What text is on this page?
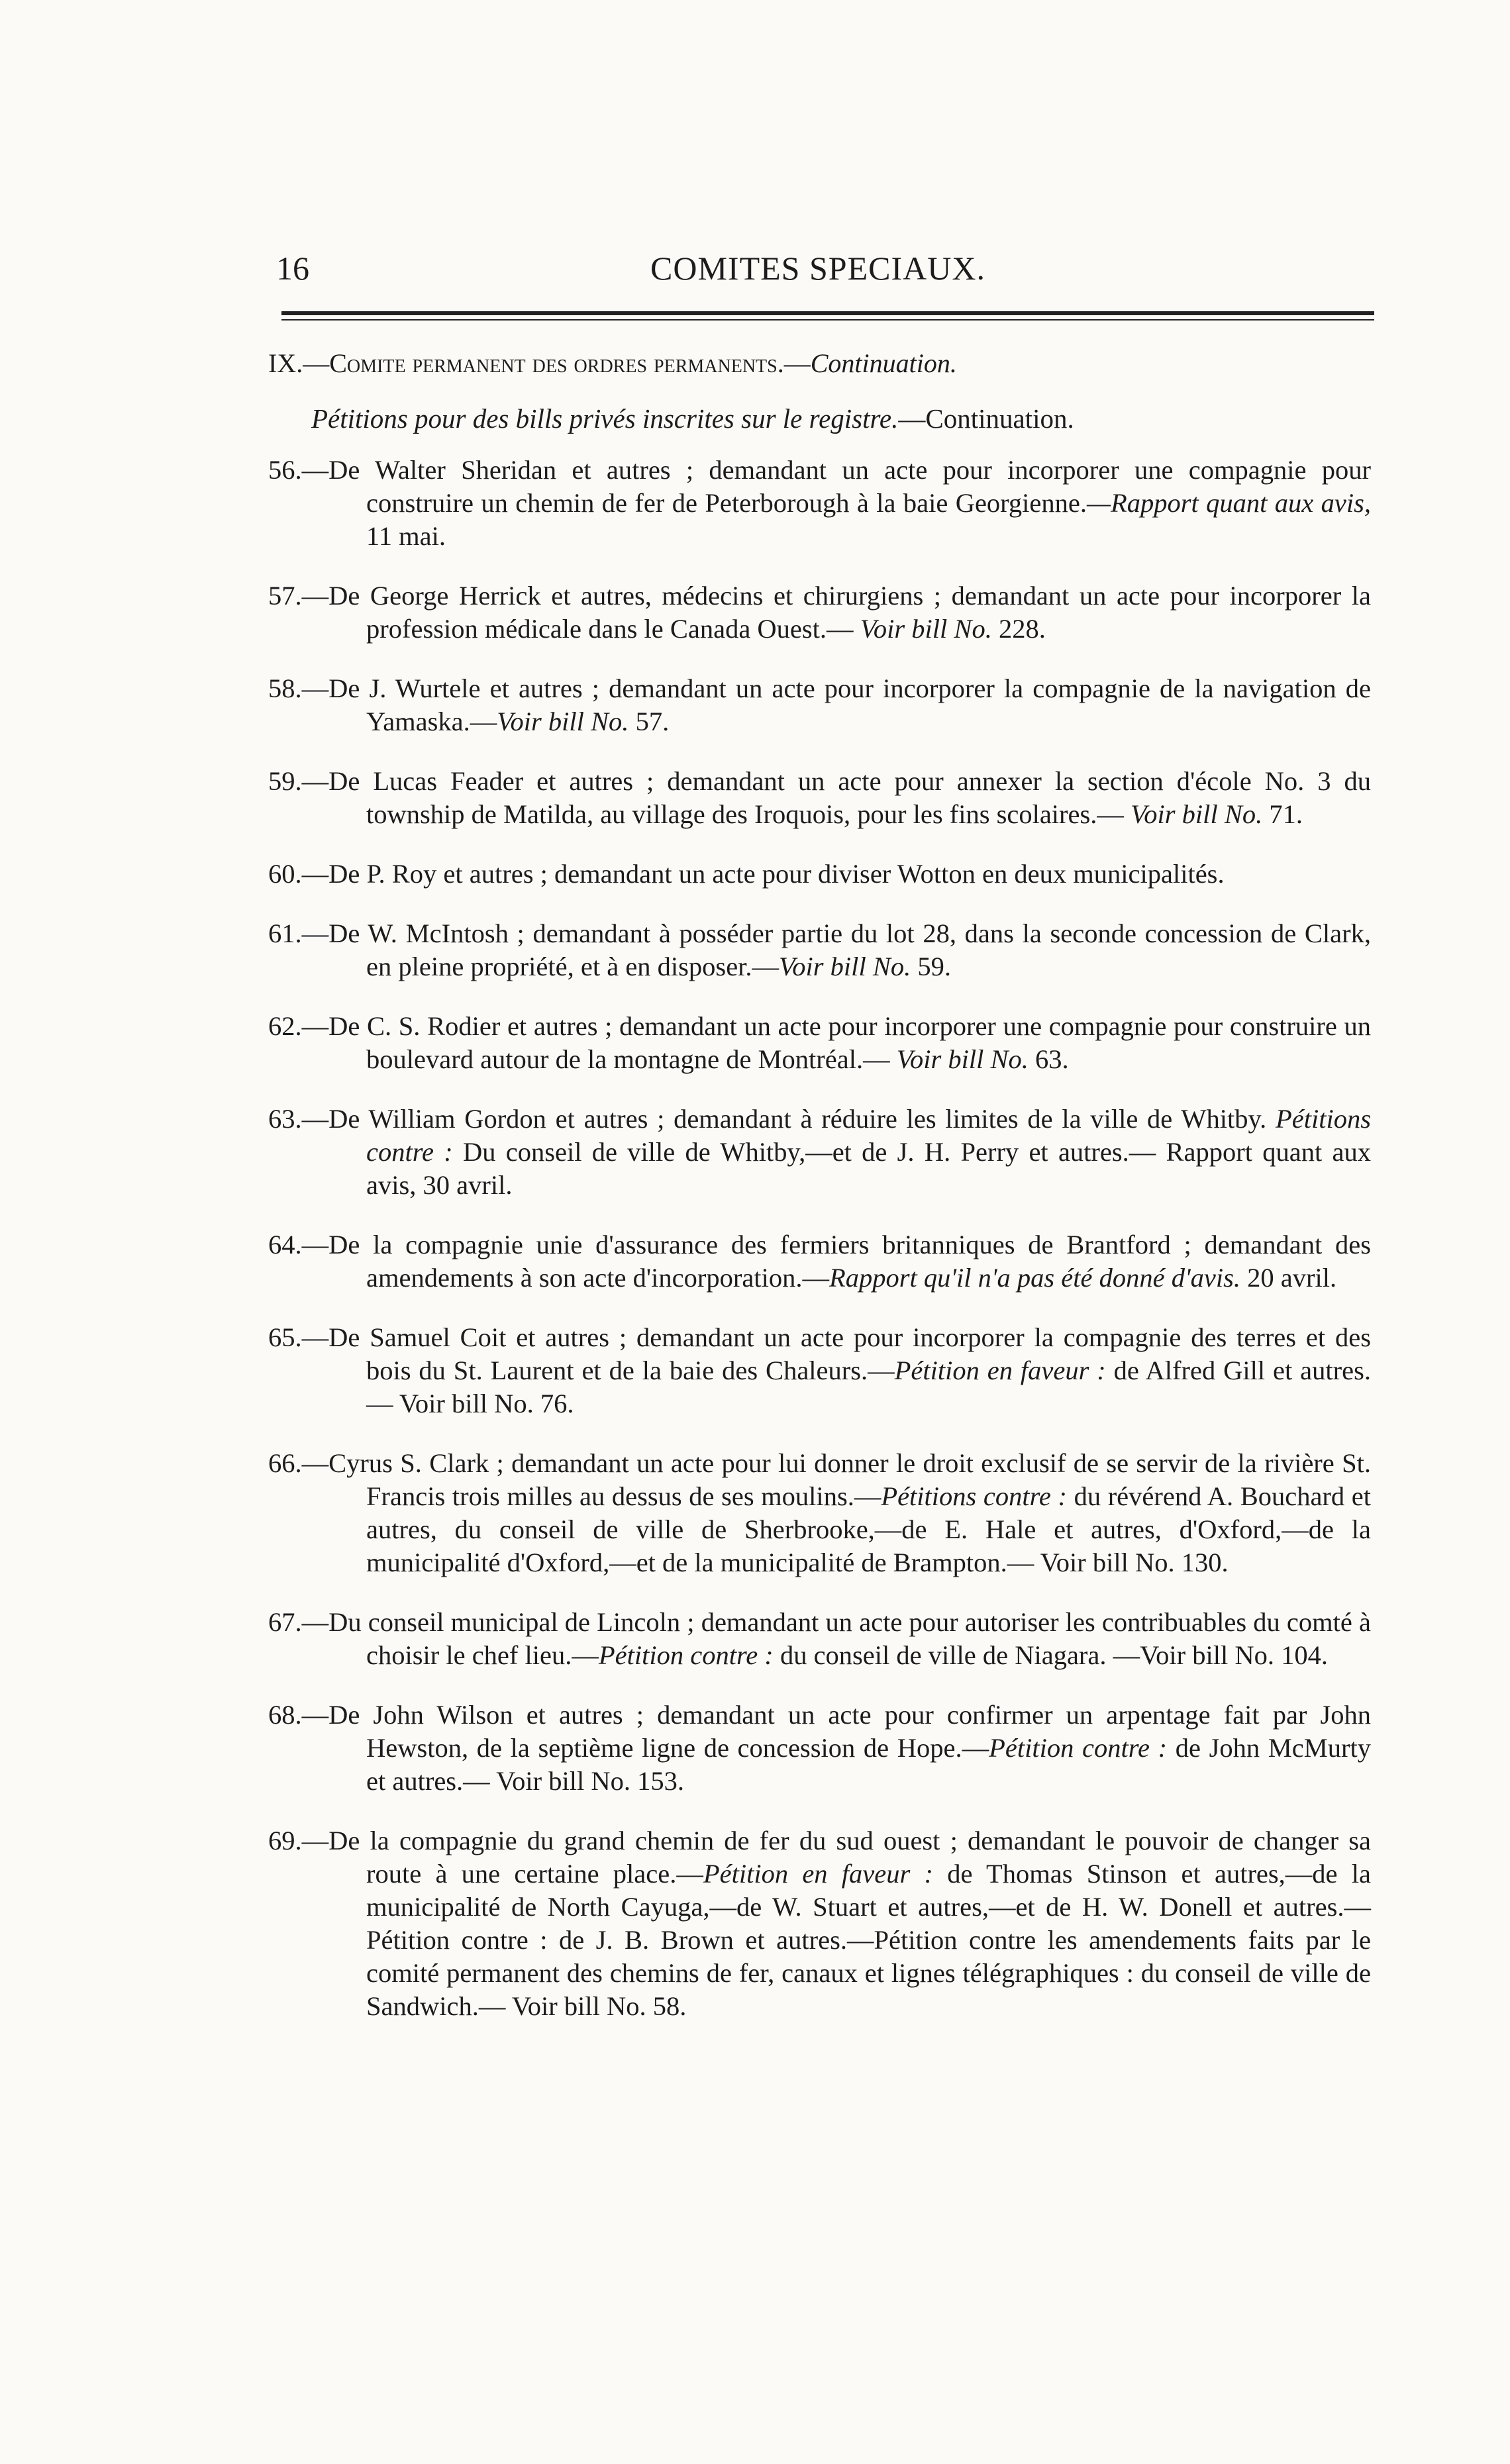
16	COMITES SPECIAUX.
IX.—Comite permanent des ordres permanents.—Continuation.
Pétitions pour des bills privés inscrites sur le registre.—Continuation.

56.—De Walter Sheridan et autres ; demandant un acte pour incorporer une compagnie pour construire un chemin de fer de Peterborough à la baie Georgienne.—Rapport quant aux avis, 11 mai.

57.—De George Herrick et autres, médecins et chirurgiens ; demandant un acte pour incorporer la profession médicale dans le Canada Ouest.— Voir bill No. 228.

58.—De J. Wurtele et autres ; demandant un acte pour incorporer la compagnie de la navigation de Yamaska.—Voir bill No. 57.

59.—De Lucas Feader et autres ; demandant un acte pour annexer la section d'école No. 3 du township de Matilda, au village des Iroquois, pour les fins scolaires.— Voir bill No. 71.

60.—De P. Roy et autres ; demandant un acte pour diviser Wotton en deux municipalités.

61.—De W. McIntosh ; demandant à posséder partie du lot 28, dans la seconde concession de Clark, en pleine propriété, et à en disposer.—Voir bill No. 59.

62.—De C. S. Rodier et autres ; demandant un acte pour incorporer une compagnie pour construire un boulevard autour de la montagne de Montréal.— Voir bill No. 63.

63.—De William Gordon et autres ; demandant à réduire les limites de la ville de Whitby. Pétitions contre : Du conseil de ville de Whitby,—et de J. H. Perry et autres.— Rapport quant aux avis, 30 avril.

64.—De la compagnie unie d'assurance des fermiers britanniques de Brantford ; demandant des amendements à son acte d'incorporation.—Rapport qu'il n'a pas été donné d'avis. 20 avril.

65.—De Samuel Coit et autres ; demandant un acte pour incorporer la compagnie des terres et des bois du St. Laurent et de la baie des Chaleurs.—Pétition en faveur : de Alfred Gill et autres.— Voir bill No. 76.

66.—Cyrus S. Clark ; demandant un acte pour lui donner le droit exclusif de se servir de la rivière St. Francis trois milles au dessus de ses moulins.—Pétitions contre : du révérend A. Bouchard et autres, du conseil de ville de Sherbrooke,—de E. Hale et autres, d'Oxford,—de la municipalité d'Oxford,—et de la municipalité de Brampton.— Voir bill No. 130.

67.—Du conseil municipal de Lincoln ; demandant un acte pour autoriser les contribuables du comté à choisir le chef lieu.—Pétition contre : du conseil de ville de Niagara. —Voir bill No. 104.

68.—De John Wilson et autres ; demandant un acte pour confirmer un arpentage fait par John Hewston, de la septième ligne de concession de Hope.—Pétition contre : de John McMurty et autres.— Voir bill No. 153.

69.—De la compagnie du grand chemin de fer du sud ouest ; demandant le pouvoir de changer sa route à une certaine place.—Pétition en faveur : de Thomas Stinson et autres,—de la municipalité de North Cayuga,—de W. Stuart et autres,—et de H. W. Donell et autres.—Pétition contre : de J. B. Brown et autres.—Pétition contre les amendements faits par le comité permanent des chemins de fer, canaux et lignes télégraphiques : du conseil de ville de Sandwich.— Voir bill No. 58.
